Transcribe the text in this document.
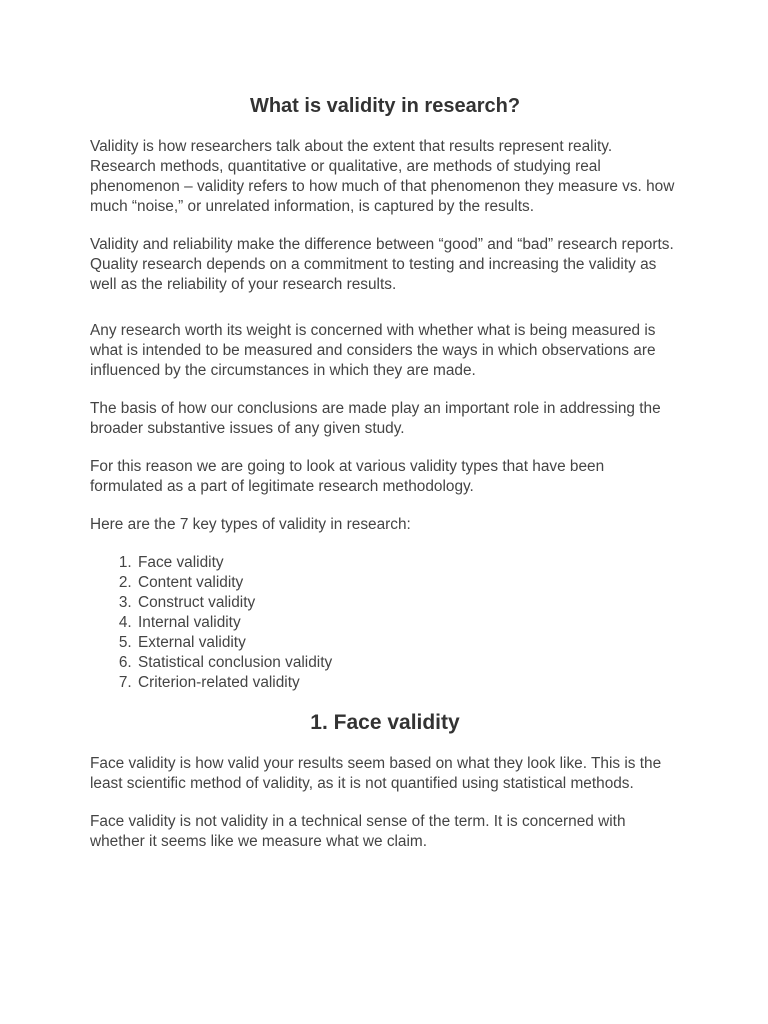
What is validity in research?

Validity is how researchers talk about the extent that results represent reality. Research methods, quantitative or qualitative, are methods of studying real phenomenon – validity refers to how much of that phenomenon they measure vs. how much “noise,” or unrelated information, is captured by the results.

Validity and reliability make the difference between “good” and “bad” research reports. Quality research depends on a commitment to testing and increasing the validity as well as the reliability of your research results.

Any research worth its weight is concerned with whether what is being measured is what is intended to be measured and considers the ways in which observations are influenced by the circumstances in which they are made.

The basis of how our conclusions are made play an important role in addressing the broader substantive issues of any given study.

For this reason we are going to look at various validity types that have been formulated as a part of legitimate research methodology.

Here are the 7 key types of validity in research:

1. Face validity
2. Content validity
3. Construct validity
4. Internal validity
5. External validity
6. Statistical conclusion validity
7. Criterion-related validity
1. Face validity

Face validity is how valid your results seem based on what they look like. This is the least scientific method of validity, as it is not quantified using statistical methods.

Face validity is not validity in a technical sense of the term. It is concerned with whether it seems like we measure what we claim.
